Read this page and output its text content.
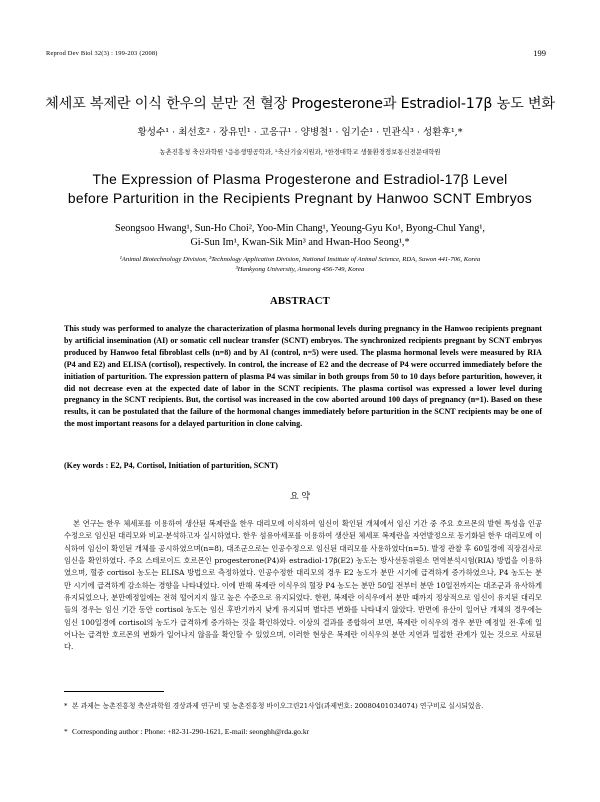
Reprod Dev Biol 32(3) : 199-203 (2008)	199
체세포 복제란 이식 한우의 분만 전 혈장 Progesterone과 Estradiol-17β 농도 변화
황성수¹ · 최선호² · 장유민¹ · 고응규¹ · 양병철¹ · 임기순¹ · 민관식³ · 성환후¹,*
농촌진흥청 축산과학원 ¹응용생명공학과, ²축산기술지원과, ³한경대학교 생물환경정보통신전문대학원
The Expression of Plasma Progesterone and Estradiol-17β Level
before Parturition in the Recipients Pregnant by Hanwoo SCNT Embryos
Seongsoo Hwang¹, Sun-Ho Choi², Yoo-Min Chang¹, Yeoung-Gyu Ko¹, Byong-Chul Yang¹,
Gi-Sun Im¹, Kwan-Sik Min³ and Hwan-Hoo Seong¹,*
¹Animal Biotechnology Division, ²Technology Application Division, National Institute of Animal Science, RDA, Suwon 441-706, Korea
³Hankyong University, Anseong 456-749, Korea
ABSTRACT

This study was performed to analyze the characterization of plasma hormonal levels during pregnancy in the Hanwoo recipients pregnant by artificial insemination (AI) or somatic cell nuclear transfer (SCNT) embryos. The synchronized recipients pregnant by SCNT embryos produced by Hanwoo fetal fibroblast cells (n=8) and by AI (control, n=5) were used. The plasma hormonal levels were measured by RIA (P4 and E2) and ELISA (cortisol), respectively. In control, the increase of E2 and the decrease of P4 were occurred immediately before the initiation of parturition. The expression pattern of plasma P4 was similar in both groups from 50 to 10 days before parturition, however, it did not decrease even at the expected date of labor in the SCNT recipients. The plasma cortisol was expressed a lower level during pregnancy in the SCNT recipients. But, the cortisol was increased in the cow aborted around 100 days of pregnancy (n=1). Based on these results, it can be postulated that the failure of the hormonal changes immediately before parturition in the SCNT recipients may be one of the most important reasons for a delayed parturition in clone calving.

(Key words : E2, P4, Cortisol, Initiation of parturition, SCNT)
요 약

본 연구는 한우 체세포를 이용하여 생산된 복제란을 한우 대리모에 이식하여 임신이 확인된 개체에서 임신 기간 중 주요 호르몬의 발현 특성을 인공수정으로 임신된 대리모와 비교·분석하고자 실시하였다. 한우 섬유아세포를 이용하여 생산된 체세포 복제란을 자연발정으로 동기화된 한우 대리모에 이식하여 임신이 확인된 개체를 공시하였으며(n=8), 대조군으로는 인공수정으로 임신된 대리모를 사용하였다(n=5). 발정 관찰 후 60일경에 직장검사로 임신을 확인하였다. 주요 스테로이드 호르몬인 progesterone(P4)와 estradiol-17β(E2) 농도는 방사선동위원소 면역분석시험(RIA) 방법을 이용하였으며, 혈중 cortisol 농도는 ELISA 방법으로 측정하였다. 인공수정한 대리모의 경우 E2 농도가 분만 시기에 급격하게 증가하였으나, P4 농도는 분만 시기에 급격하게 감소하는 경향을 나타내었다. 이에 반해 복제란 이식우의 혈장 P4 농도는 분만 50일 전부터 분만 10일전까지는 대조군과 유사하게 유지되었으나, 분만예정일에는 전혀 떨어지지 않고 높은 수준으로 유지되었다. 한편, 복제란 이식우에서 분만 때까지 정상적으로 임신이 유지된 대리모들의 경우는 임신 기간 동안 cortisol 농도는 임신 후반기까지 낮게 유지되며 별다른 변화를 나타내지 않았다. 반면에 유산이 일어난 개체의 경우에는 임신 100일경에 cortisol의 농도가 급격하게 증가하는 것을 확인하였다. 이상의 결과를 종합하여 보면, 복제란 이식우의 경우 분만 예정일 전·후에 일어나는 급격한 호르몬의 변화가 일어나지 않음을 확인할 수 있었으며, 이러한 현상은 복제란 이식우의 분만 지연과 밀접한 관계가 있는 것으로 사료된다.

* 본 과제는 농촌진흥청 축산과학원 경상과제 연구비 및 농촌진흥청 바이오그린21사업(과제번호: 20080401034074) 연구비로 실시되었음.
* Corresponding author : Phone: +82-31-290-1621, E-mail: seonghh@rda.go.kr
